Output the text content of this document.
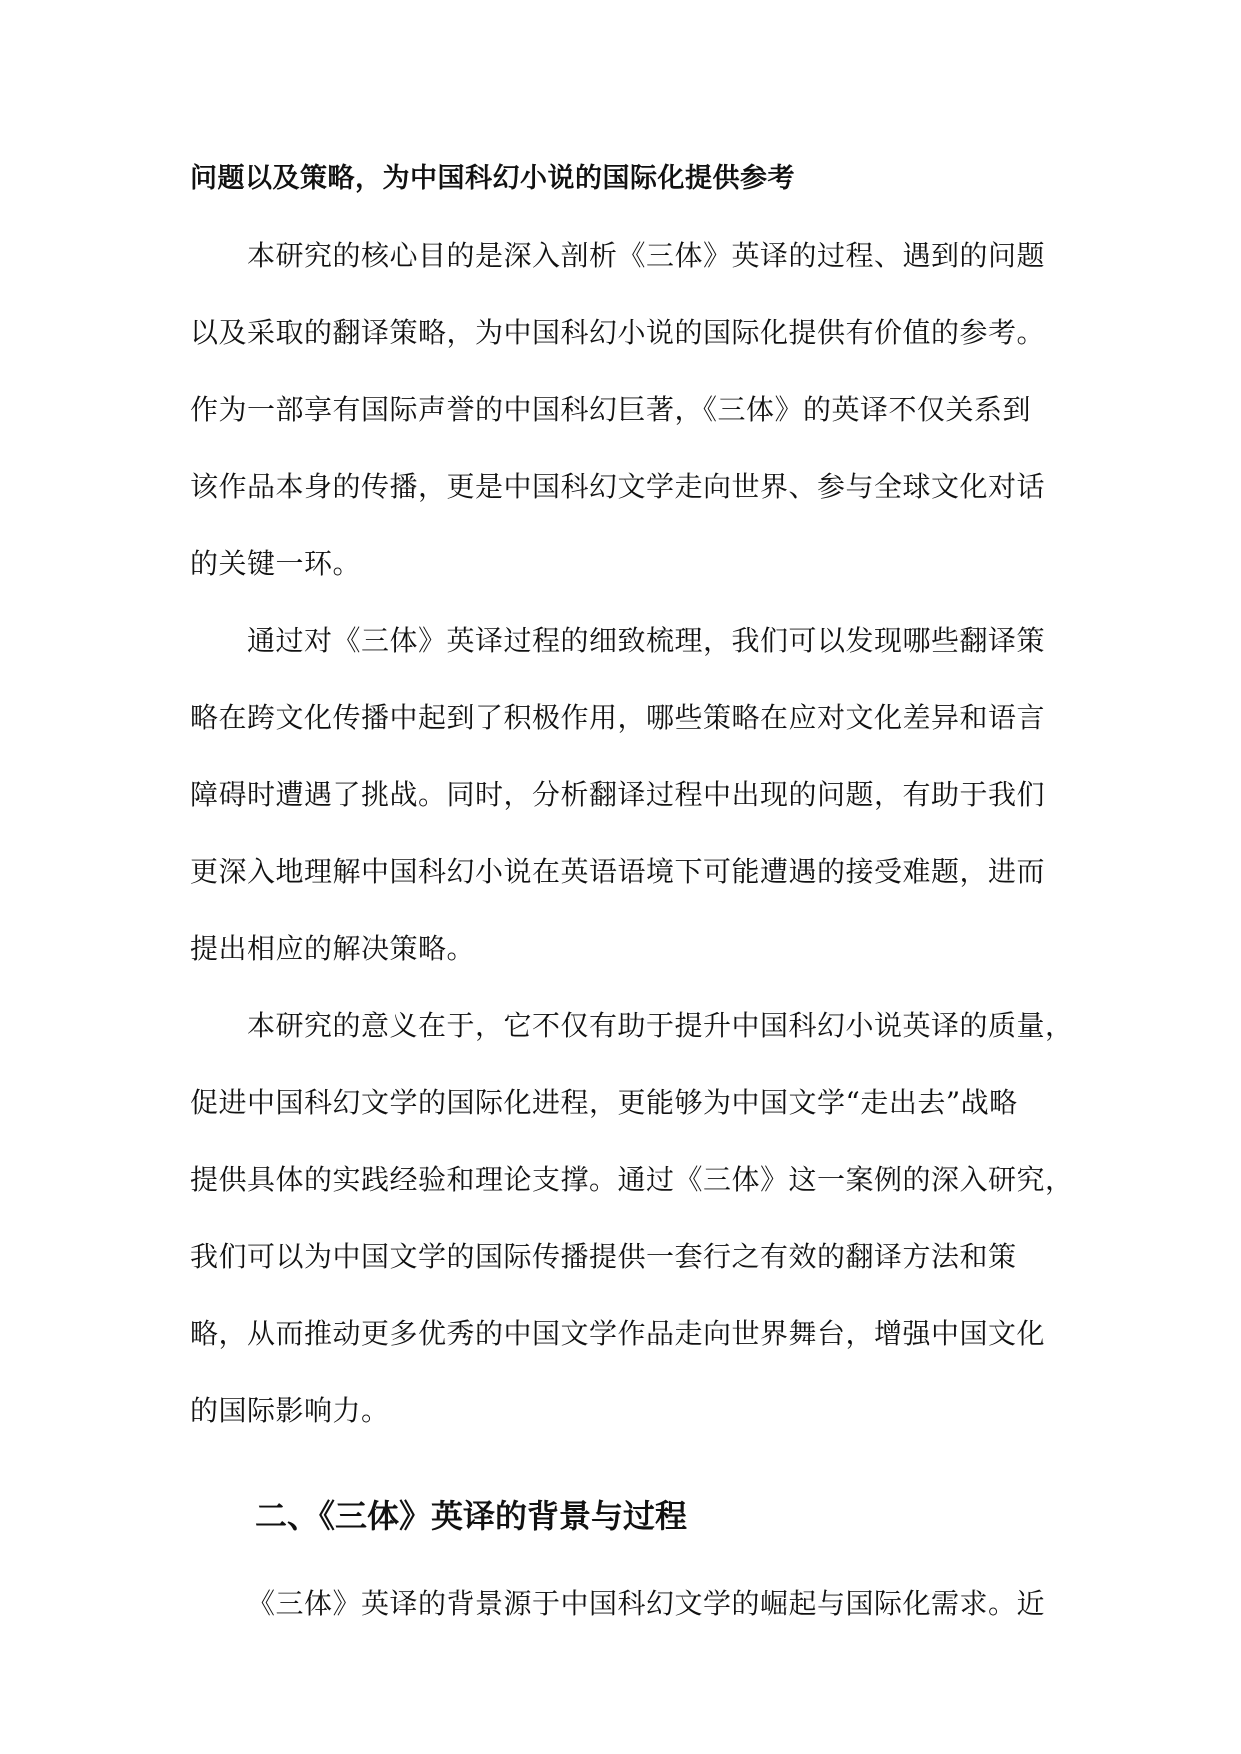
问题以及策略，为中国科幻小说的国际化提供参考
本研究的核心目的是深入剖析《三体》英译的过程、遇到的问题
以及采取的翻译策略，为中国科幻小说的国际化提供有价值的参考。
作为一部享有国际声誉的中国科幻巨著，《三体》的英译不仅关系到
该作品本身的传播，更是中国科幻文学走向世界、参与全球文化对话
的关键一环。
通过对《三体》英译过程的细致梳理，我们可以发现哪些翻译策
略在跨文化传播中起到了积极作用，哪些策略在应对文化差异和语言
障碍时遭遇了挑战。同时，分析翻译过程中出现的问题，有助于我们
更深入地理解中国科幻小说在英语语境下可能遭遇的接受难题，进而
提出相应的解决策略。
本研究的意义在于，它不仅有助于提升中国科幻小说英译的质量，
促进中国科幻文学的国际化进程，更能够为中国文学“走出去”战略
提供具体的实践经验和理论支撑。通过《三体》这一案例的深入研究，
我们可以为中国文学的国际传播提供一套行之有效的翻译方法和策
略，从而推动更多优秀的中国文学作品走向世界舞台，增强中国文化
的国际影响力。
二、《三体》英译的背景与过程
《三体》英译的背景源于中国科幻文学的崛起与国际化需求。近
